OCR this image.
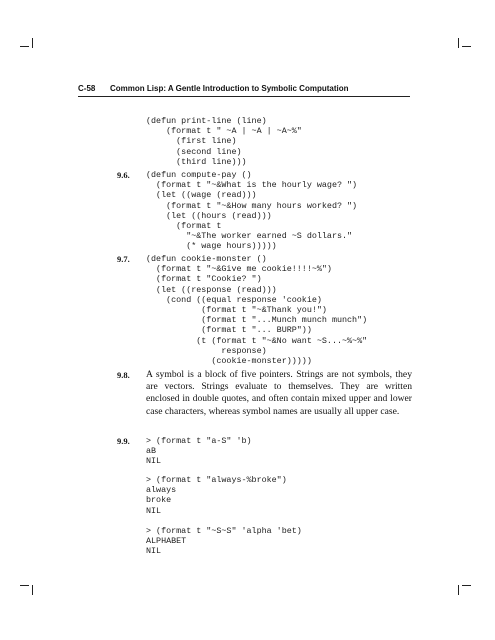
C-58 Common Lisp: A Gentle Introduction to Symbolic Computation
(defun print-line (line)
(format t " ~A | ~A | ~A~%"
(first line)
(second line)
(third line)))
9.6. (defun compute-pay ()
(format t "~&What is the hourly wage? ")
(let ((wage (read)))
(format t "~&How many hours worked? ")
(let ((hours (read)))
(format t
"~&The worker earned ~S dollars."
(* wage hours)))))
9.7. (defun cookie-monster ()
(format t "~&Give me cookie!!!!~%")
(format t "Cookie? ")
(let ((response (read)))
(cond ((equal response 'cookie)
(format t "~&Thank you!")
(format t "...Munch munch munch")
(format t "... BURP"))
(t (format t "~&No want ~S...~%~%"
response)
(cookie-monster)))))
9.8. A symbol is a block of five pointers. Strings are not symbols, they are vectors. Strings evaluate to themselves. They are written enclosed in double quotes, and often contain mixed upper and lower case characters, whereas symbol names are usually all upper case.

9.9. > (format t "a-S" 'b)
aB
NIL
> (format t "always-%broke")
always
broke
NIL
> (format t "~S~S" 'alpha 'bet)
ALPHABET
NIL
